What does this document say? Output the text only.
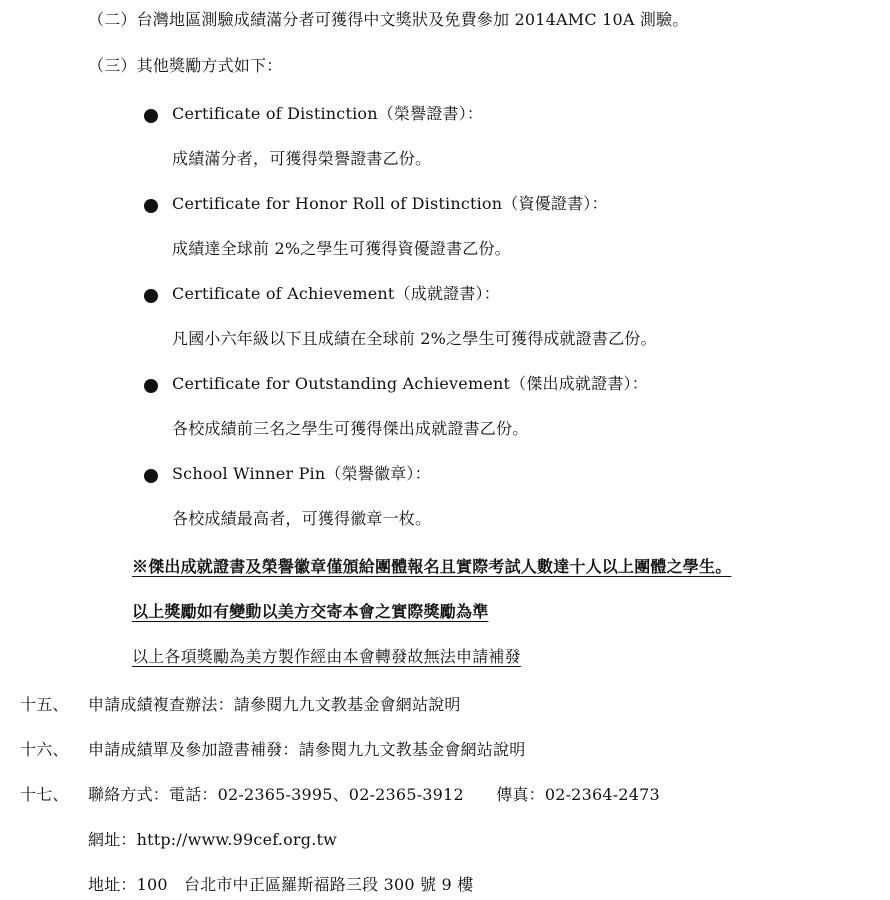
（二）台灣地區測驗成績滿分者可獲得中文獎狀及免費參加 2014AMC 10A 測驗。
（三）其他獎勵方式如下：
Certificate of Distinction（榮譽證書）：
成績滿分者，可獲得榮譽證書乙份。
Certificate for Honor Roll of Distinction（資優證書）：
成績達全球前 2%之學生可獲得資優證書乙份。
Certificate of Achievement（成就證書）：
凡國小六年級以下且成績在全球前 2%之學生可獲得成就證書乙份。
Certificate for Outstanding Achievement（傑出成就證書）：
各校成績前三名之學生可獲得傑出成就證書乙份。
School Winner Pin（榮譽徽章）：
各校成績最高者，可獲得徽章一枚。
※傑出成就證書及榮譽徽章僅頒給團體報名且實際考試人數達十人以上團體之學生。
以上獎勵如有變動以美方交寄本會之實際獎勵為準
以上各項獎勵為美方製作經由本會轉發故無法申請補發
十五、 申請成績複查辦法：請參閱九九文教基金會網站說明
十六、 申請成績單及參加證書補發：請參閱九九文教基金會網站說明
十七、 聯絡方式：電話：02-2365-3995、02-2365-3912　　傳真：02-2364-2473
網址：http://www.99cef.org.tw
地址：100　台北市中正區羅斯福路三段 300 號 9 樓
